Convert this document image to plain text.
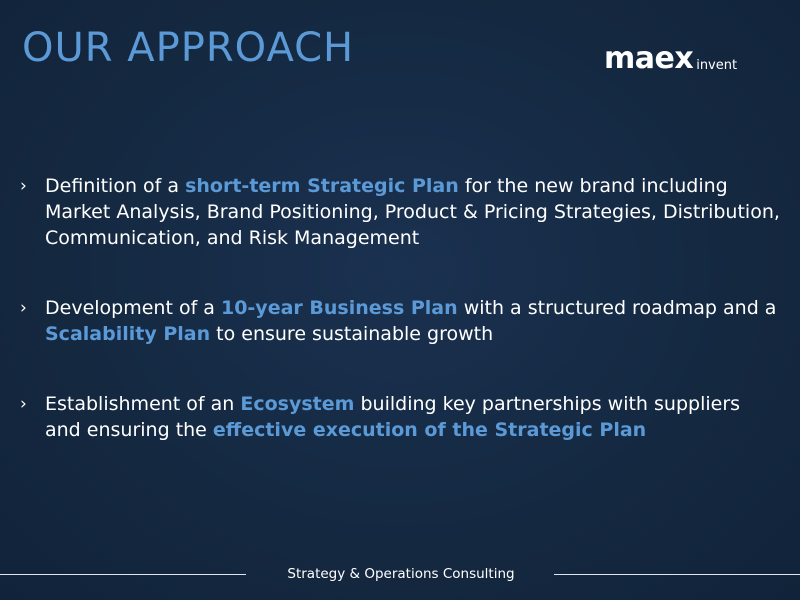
OUR APPROACH	maex invent
› Definition of a short-term Strategic Plan for the new brand including Market Analysis, Brand Positioning, Product & Pricing Strategies, Distribution, Communication, and Risk Management
› Development of a 10-year Business Plan with a structured roadmap and a Scalability Plan to ensure sustainable growth
› Establishment of an Ecosystem building key partnerships with suppliers and ensuring the effective execution of the Strategic Plan
Strategy & Operations Consulting
